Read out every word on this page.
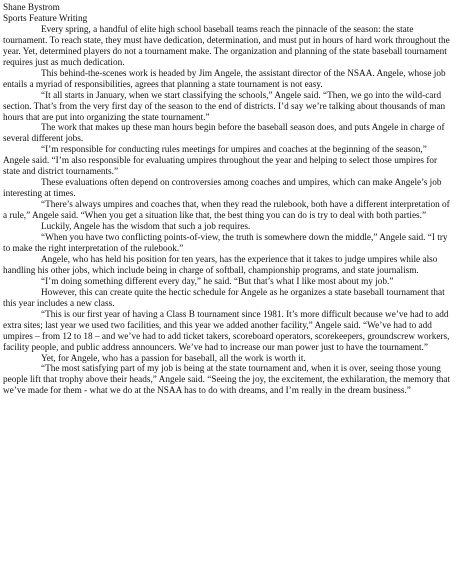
Shane Bystrom
Sports Feature Writing

Every spring, a handful of elite high school baseball teams reach the pinnacle of the season: the state tournament. To reach state, they must have dedication, determination, and must put in hours of hard work throughout the year. Yet, determined players do not a tournament make. The organization and planning of the state baseball tournament requires just as much dedication.

This behind-the-scenes work is headed by Jim Angele, the assistant director of the NSAA. Angele, whose job entails a myriad of responsibilities, agrees that planning a state tournament is not easy.

“It all starts in January, when we start classifying the schools,” Angele said. “Then, we go into the wild-card section. That’s from the very first day of the season to the end of districts. I’d say we’re talking about thousands of man hours that are put into organizing the state tournament.”

The work that makes up these man hours begin before the baseball season does, and puts Angele in charge of several different jobs.

“I’m responsible for conducting rules meetings for umpires and coaches at the beginning of the season,” Angele said. “I’m also responsible for evaluating umpires throughout the year and helping to select those umpires for state and district tournaments.”

These evaluations often depend on controversies among coaches and umpires, which can make Angele’s job interesting at times.

“There’s always umpires and coaches that, when they read the rulebook, both have a different interpretation of a rule,” Angele said. “When you get a situation like that, the best thing you can do is try to deal with both parties.”

Luckily, Angele has the wisdom that such a job requires.

“When you have two conflicting points-of-view, the truth is somewhere down the middle,” Angele said. “I try to make the right interpretation of the rulebook.”

Angele, who has held his position for ten years, has the experience that it takes to judge umpires while also handling his other jobs, which include being in charge of softball, championship programs, and state journalism.

“I’m doing something different every day,” he said. “But that’s what I like most about my job.”

However, this can create quite the hectic schedule for Angele as he organizes a state baseball tournament that this year includes a new class.

“This is our first year of having a Class B tournament since 1981. It’s more difficult because we’ve had to add extra sites; last year we used two facilities, and this year we added another facility,” Angele said. “We’ve had to add umpires – from 12 to 18 – and we’ve had to add ticket takers, scoreboard operators, scorekeepers, groundscrew workers, facility people, and public address announcers. We’ve had to increase our man power just to have the tournament.”

Yet, for Angele, who has a passion for baseball, all the work is worth it.

“The most satisfying part of my job is being at the state tournament and, when it is over, seeing those young people lift that trophy above their heads,” Angele said. “Seeing the joy, the excitement, the exhilaration, the memory that we’ve made for them - what we do at the NSAA has to do with dreams, and I’m really in the dream business.”
